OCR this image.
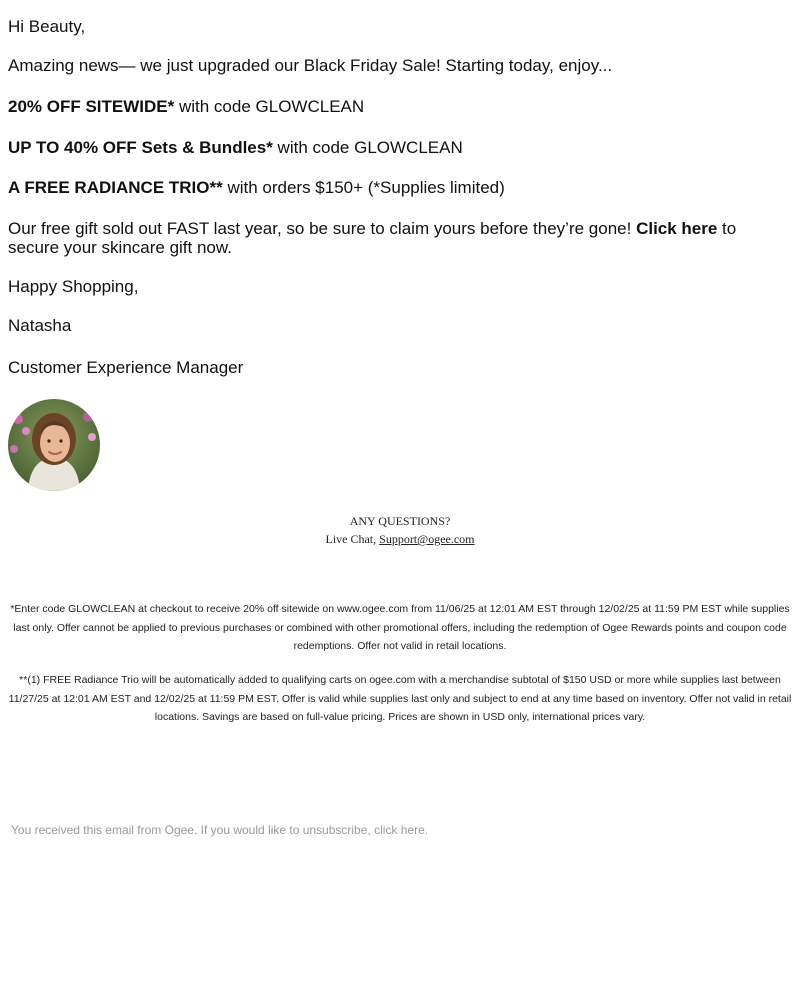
Hi Beauty,

Amazing news— we just upgraded our Black Friday Sale! Starting today, enjoy...

20% OFF SITEWIDE* with code GLOWCLEAN

UP TO 40% OFF Sets & Bundles* with code GLOWCLEAN

A FREE RADIANCE TRIO** with orders $150+ (*Supplies limited)

Our free gift sold out FAST last year, so be sure to claim yours before they’re gone! Click here to secure your skincare gift now.

Happy Shopping,

Natasha

Customer Experience Manager

ANY QUESTIONS?
Live Chat, Support@ogee.com
*Enter code GLOWCLEAN at checkout to receive 20% off sitewide on www.ogee.com from 11/06/25 at 12:01 AM EST through 12/02/25 at 11:59 PM EST while supplies last only. Offer cannot be applied to previous purchases or combined with other promotional offers, including the redemption of Ogee Rewards points and coupon code redemptions. Offer not valid in retail locations.
**(1) FREE Radiance Trio will be automatically added to qualifying carts on ogee.com with a merchandise subtotal of $150 USD or more while supplies last between 11/27/25 at 12:01 AM EST and 12/02/25 at 11:59 PM EST. Offer is valid while supplies last only and subject to end at any time based on inventory. Offer not valid in retail locations. Savings are based on full-value pricing. Prices are shown in USD only, international prices vary.
You received this email from Ogee. If you would like to unsubscribe, click here.
